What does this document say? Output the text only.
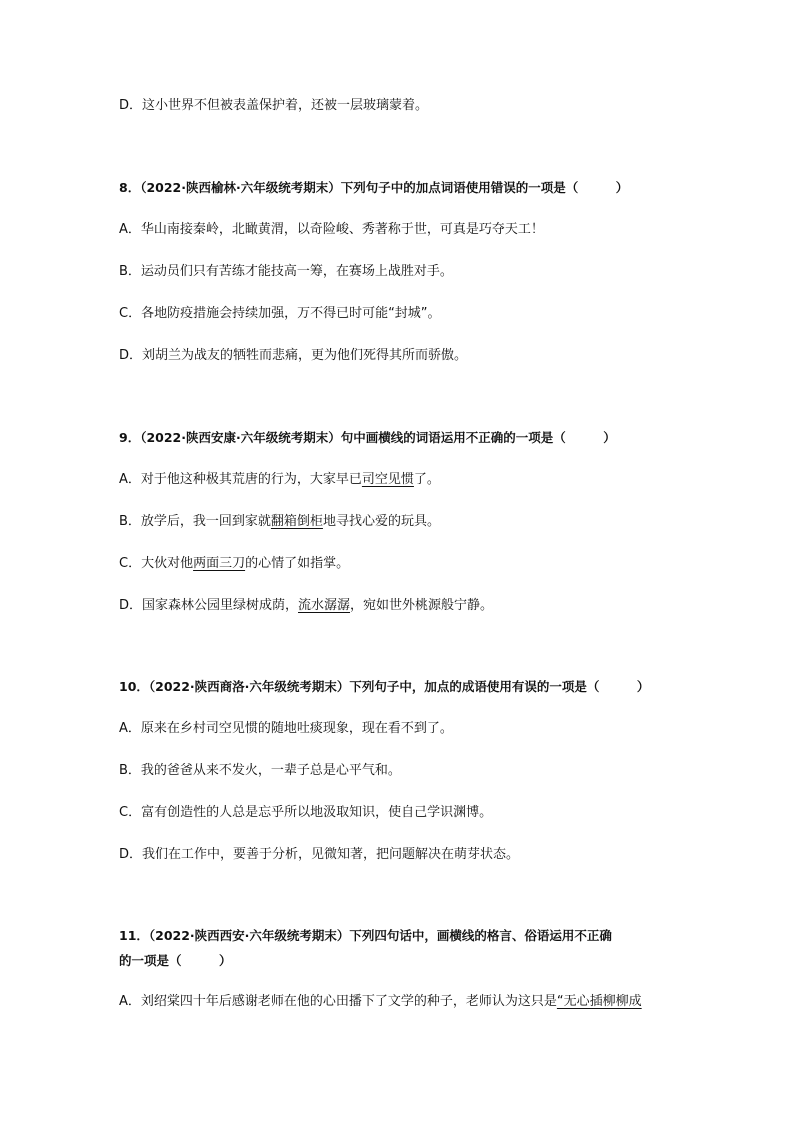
D．这小世界不但被表盖保护着，还被一层玻璃蒙着。
8．（2022·陕西榆林·六年级统考期末）下列句子中的加点词语使用错误的一项是（　　　）
A．华山南接秦岭，北瞰黄渭，以奇险峻、秀著称于世，可真是巧夺天工！
B．运动员们只有苦练才能技高一筹，在赛场上战胜对手。
C．各地防疫措施会持续加强，万不得已时可能“封城”。
D．刘胡兰为战友的牺牲而悲痛，更为他们死得其所而骄傲。
9．（2022·陕西安康·六年级统考期末）句中画横线的词语运用不正确的一项是（　　　）
A．对于他这种极其荒唐的行为，大家早已司空见惯了。
B．放学后，我一回到家就翻箱倒柜地寻找心爱的玩具。
C．大伙对他两面三刀的心情了如指掌。
D．国家森林公园里绿树成荫，流水潺潺，宛如世外桃源般宁静。
10．（2022·陕西商洛·六年级统考期末）下列句子中，加点的成语使用有误的一项是（　　　）
A．原来在乡村司空见惯的随地吐痰现象，现在看不到了。
B．我的爸爸从来不发火，一辈子总是心平气和。
C．富有创造性的人总是忘乎所以地汲取知识，使自己学识渊博。
D．我们在工作中，要善于分析，见微知著，把问题解决在萌芽状态。
11．（2022·陕西西安·六年级统考期末）下列四句话中，画横线的格言、俗语运用不正确
的一项是（　　　）
A．刘绍棠四十年后感谢老师在他的心田播下了文学的种子，老师认为这只是“无心插柳柳成
